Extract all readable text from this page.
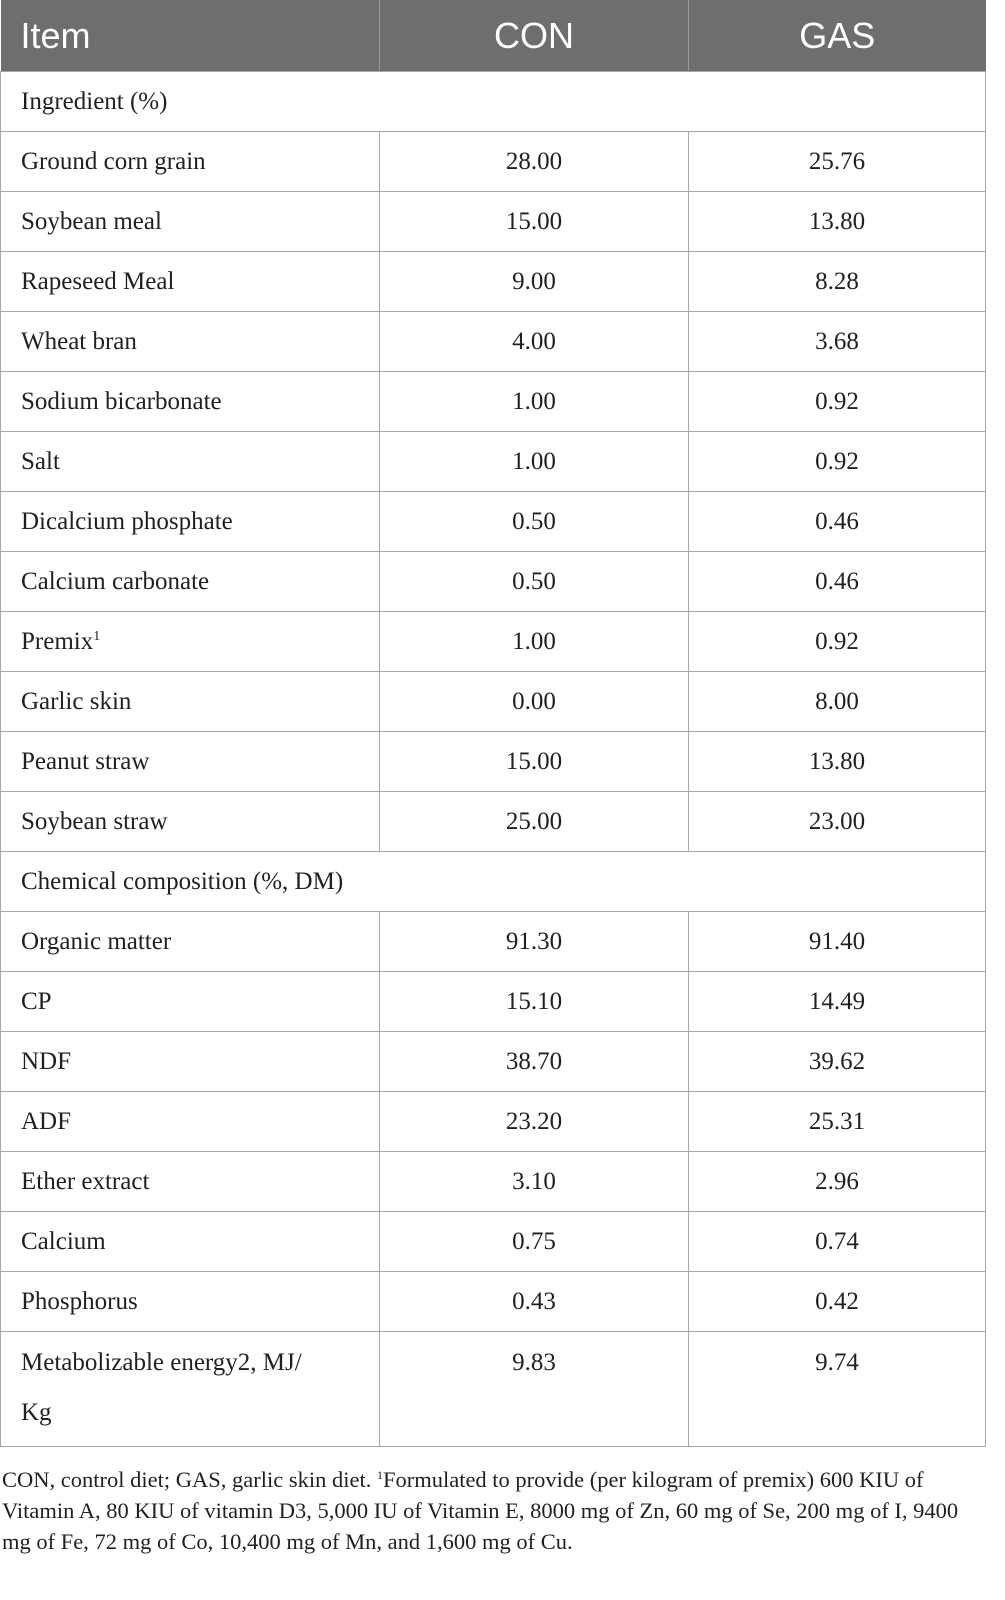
Item	CON	GAS
Ingredient (%)		
Ground corn grain	28.00	25.76
Soybean meal	15.00	13.80
Rapeseed Meal	9.00	8.28
Wheat bran	4.00	3.68
Sodium bicarbonate	1.00	0.92
Salt	1.00	0.92
Dicalcium phosphate	0.50	0.46
Calcium carbonate	0.50	0.46
Premix$^1$	1.00	0.92
Garlic skin	0.00	8.00
Peanut straw	15.00	13.80
Soybean straw	25.00	23.00
Chemical composition (%, DM)		
Organic matter	91.30	91.40
CP	15.10	14.49
NDF	38.70	39.62
ADF	23.20	25.31
Ether extract	3.10	2.96
Calcium	0.75	0.74
Phosphorus	0.43	0.42
Metabolizable energy2, MJ/
Kg	9.83	9.74

CON, control diet; GAS, garlic skin diet. $^1$Formulated to provide (per kilogram of premix) 600 KIU of Vitamin A, 80 KIU of vitamin D3, 5,000 IU of Vitamin E, 8000 mg of Zn, 60 mg of Se, 200 mg of I, 9400 mg of Fe, 72 mg of Co, 10,400 mg of Mn, and 1,600 mg of Cu.
